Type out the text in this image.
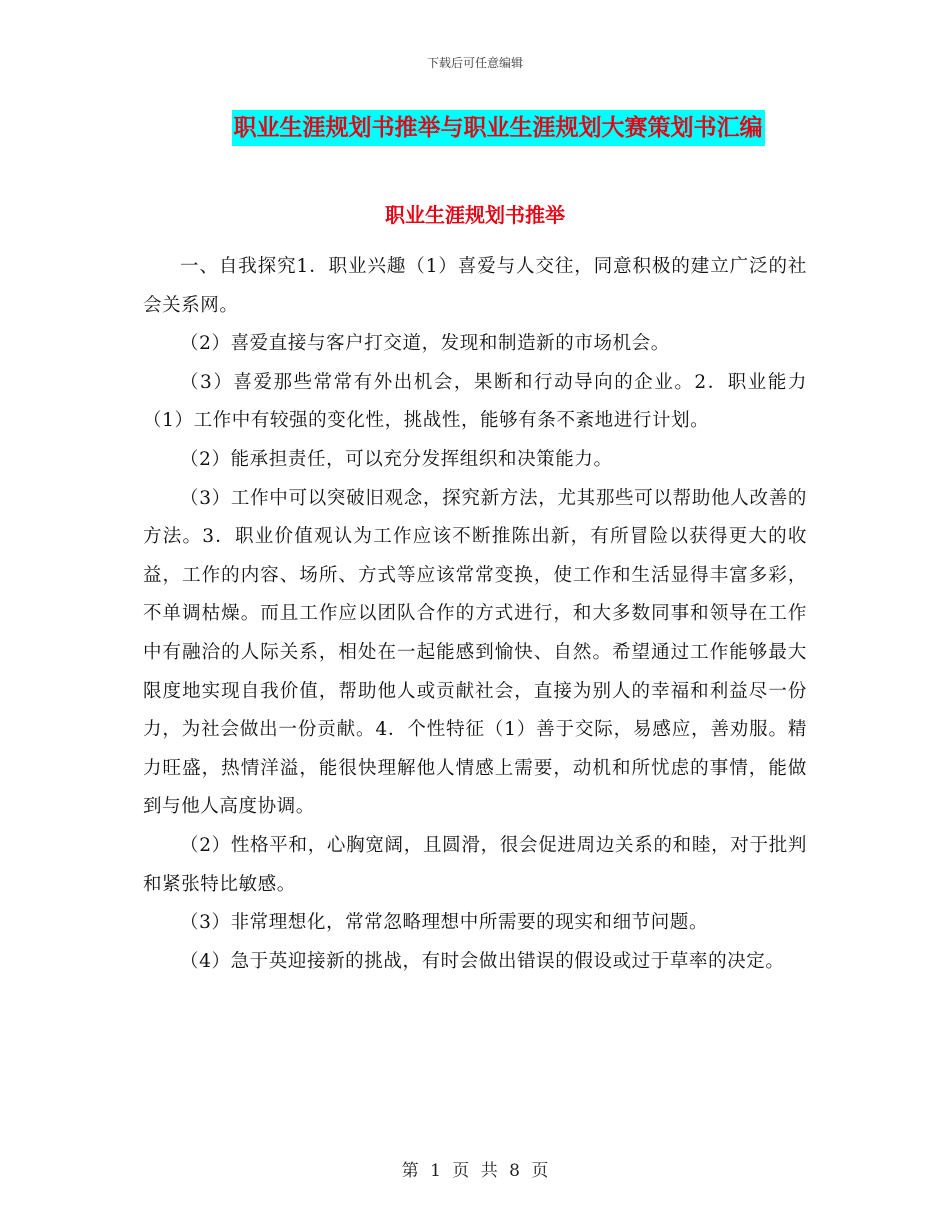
下载后可任意编辑
职业生涯规划书推举与职业生涯规划大赛策划书汇编
职业生涯规划书推举

一、自我探究1．职业兴趣（1）喜爱与人交往，同意积极的建立广泛的社会关系网。

（2）喜爱直接与客户打交道，发现和制造新的市场机会。

（3）喜爱那些常常有外出机会，果断和行动导向的企业。2．职业能力（1）工作中有较强的变化性，挑战性，能够有条不紊地进行计划。

（2）能承担责任，可以充分发挥组织和决策能力。

（3）工作中可以突破旧观念，探究新方法，尤其那些可以帮助他人改善的方法。3．职业价值观认为工作应该不断推陈出新，有所冒险以获得更大的收益，工作的内容、场所、方式等应该常常变换，使工作和生活显得丰富多彩，不单调枯燥。而且工作应以团队合作的方式进行，和大多数同事和领导在工作中有融洽的人际关系，相处在一起能感到愉快、自然。希望通过工作能够最大限度地实现自我价值，帮助他人或贡献社会，直接为别人的幸福和利益尽一份力，为社会做出一份贡献。4．个性特征（1）善于交际，易感应，善劝服。精力旺盛，热情洋溢，能很快理解他人情感上需要，动机和所忧虑的事情，能做到与他人高度协调。

（2）性格平和，心胸宽阔，且圆滑，很会促进周边关系的和睦，对于批判和紧张特比敏感。

（3）非常理想化，常常忽略理想中所需要的现实和细节问题。

（4）急于英迎接新的挑战，有时会做出错误的假设或过于草率的决定。

第 1 页 共 8 页
